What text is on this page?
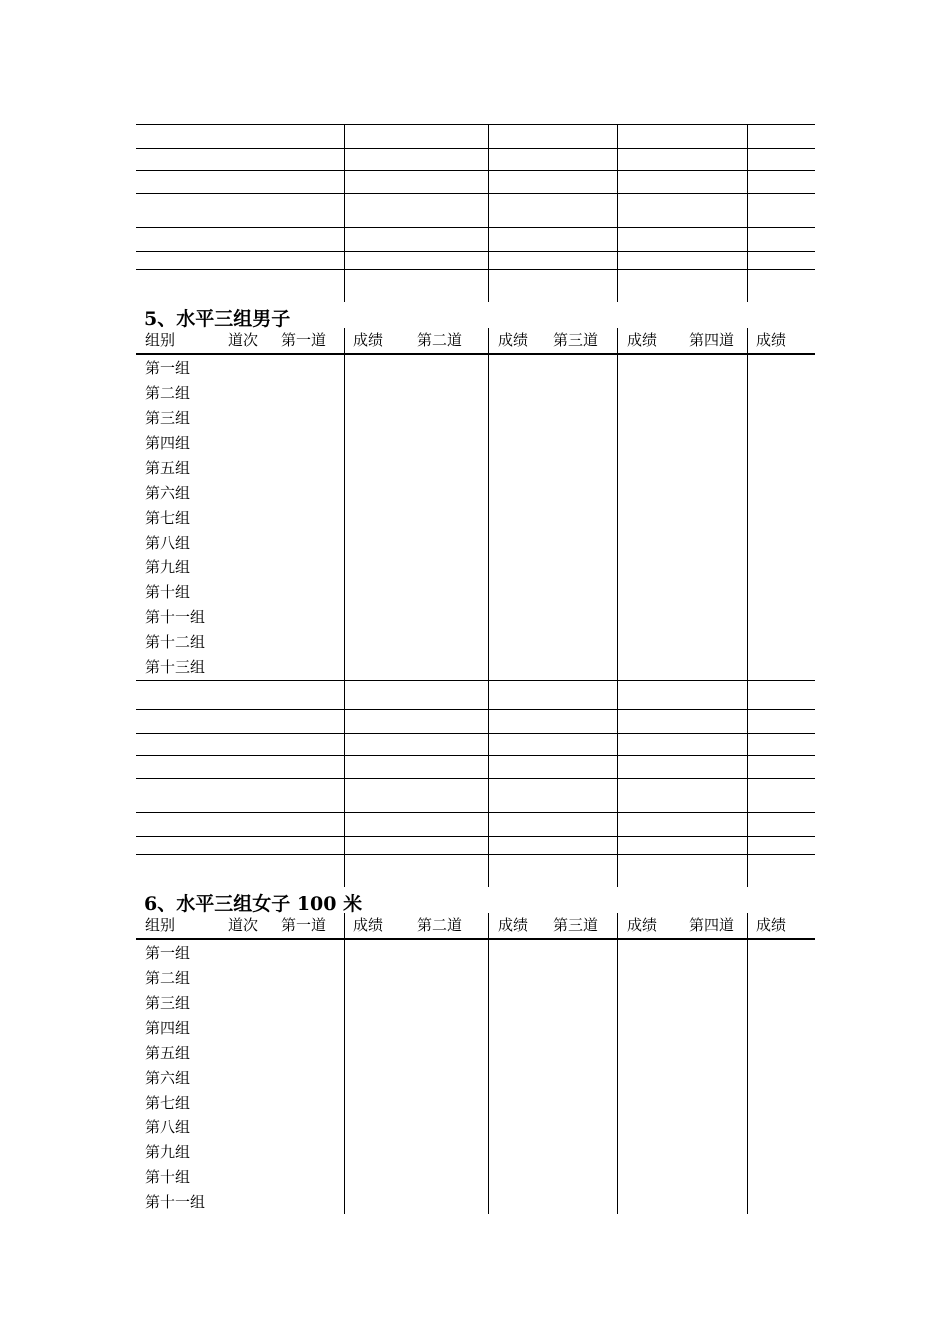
5、水平三组男子
组别	道次 第一道 成绩 第二道 成绩 第三道 成绩 第四道 成绩
第一组
第二组
第三组
第四组
第五组
第六组
第七组
第八组
第九组
第十组
第十一组
第十二组
第十三组
6、水平三组女子 100 米
组别	道次 第一道 成绩 第二道 成绩 第三道 成绩 第四道 成绩
第一组
第二组
第三组
第四组
第五组
第六组
第七组
第八组
第九组
第十组
第十一组
